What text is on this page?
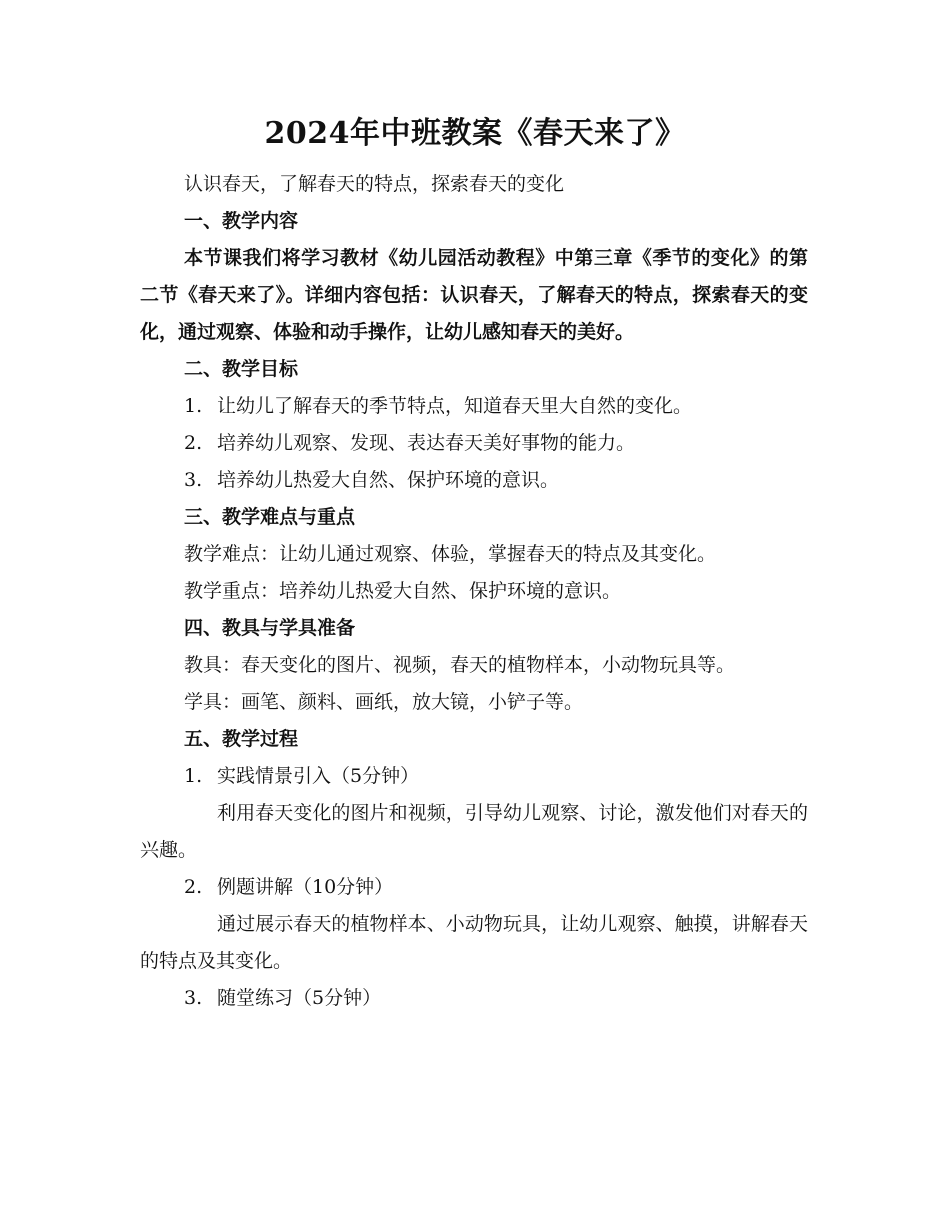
2024年中班教案《春天来了》

认识春天，了解春天的特点，探索春天的变化

一、教学内容

本节课我们将学习教材《幼儿园活动教程》中第三章《季节的变化》的第二节《春天来了》。详细内容包括：认识春天，了解春天的特点，探索春天的变化，通过观察、体验和动手操作，让幼儿感知春天的美好。

二、教学目标

1. 让幼儿了解春天的季节特点，知道春天里大自然的变化。

2. 培养幼儿观察、发现、表达春天美好事物的能力。

3. 培养幼儿热爱大自然、保护环境的意识。

三、教学难点与重点

教学难点：让幼儿通过观察、体验，掌握春天的特点及其变化。

教学重点：培养幼儿热爱大自然、保护环境的意识。

四、教具与学具准备

教具：春天变化的图片、视频，春天的植物样本，小动物玩具等。

学具：画笔、颜料、画纸，放大镜，小铲子等。

五、教学过程

1. 实践情景引入（5分钟）

利用春天变化的图片和视频，引导幼儿观察、讨论，激发他们对春天的兴趣。

2. 例题讲解（10分钟）

通过展示春天的植物样本、小动物玩具，让幼儿观察、触摸，讲解春天的特点及其变化。

3. 随堂练习（5分钟）
